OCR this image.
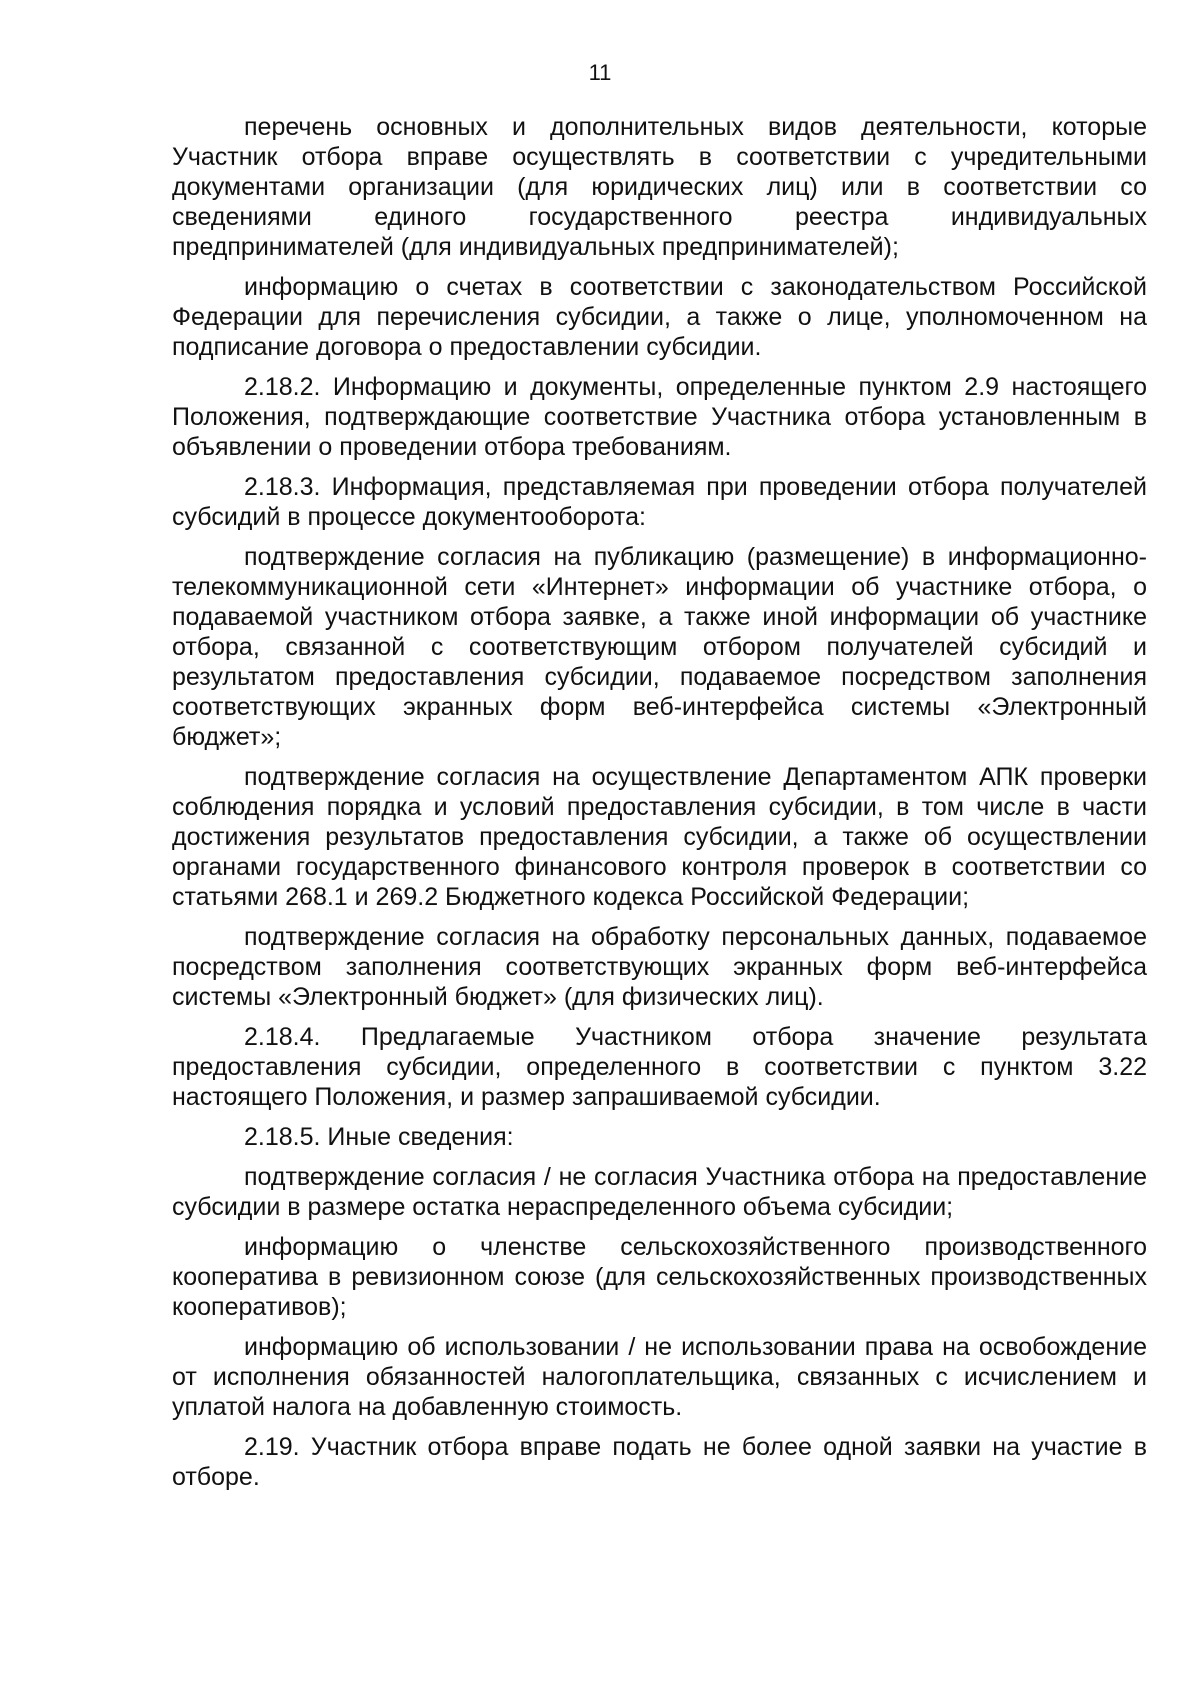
11

перечень основных и дополнительных видов деятельности, которые Участник отбора вправе осуществлять в соответствии с учредительными документами организации (для юридических лиц) или в соответствии со сведениями единого государственного реестра индивидуальных предпринимателей (для индивидуальных предпринимателей);

информацию о счетах в соответствии с законодательством Российской Федерации для перечисления субсидии, а также о лице, уполномоченном на подписание договора о предоставлении субсидии.

2.18.2. Информацию и документы, определенные пунктом 2.9 настоящего Положения, подтверждающие соответствие Участника отбора установленным в объявлении о проведении отбора требованиям.

2.18.3. Информация, представляемая при проведении отбора получателей субсидий в процессе документооборота:

подтверждение согласия на публикацию (размещение) в информационно-телекоммуникационной сети «Интернет» информации об участнике отбора, о подаваемой участником отбора заявке, а также иной информации об участнике отбора, связанной с соответствующим отбором получателей субсидий и результатом предоставления субсидии, подаваемое посредством заполнения соответствующих экранных форм веб-интерфейса системы «Электронный бюджет»;

подтверждение согласия на осуществление Департаментом АПК проверки соблюдения порядка и условий предоставления субсидии, в том числе в части достижения результатов предоставления субсидии, а также об осуществлении органами государственного финансового контроля проверок в соответствии со статьями 268.1 и 269.2 Бюджетного кодекса Российской Федерации;

подтверждение согласия на обработку персональных данных, подаваемое посредством заполнения соответствующих экранных форм веб-интерфейса системы «Электронный бюджет» (для физических лиц).

2.18.4. Предлагаемые Участником отбора значение результата предоставления субсидии, определенного в соответствии с пунктом 3.22 настоящего Положения, и размер запрашиваемой субсидии.

2.18.5. Иные сведения:

подтверждение согласия / не согласия Участника отбора на предоставление субсидии в размере остатка нераспределенного объема субсидии;

информацию о членстве сельскохозяйственного производственного кооператива в ревизионном союзе (для сельскохозяйственных производственных кооперативов);

информацию об использовании / не использовании права на освобождение от исполнения обязанностей налогоплательщика, связанных с исчислением и уплатой налога на добавленную стоимость.

2.19. Участник отбора вправе подать не более одной заявки на участие в отборе.
